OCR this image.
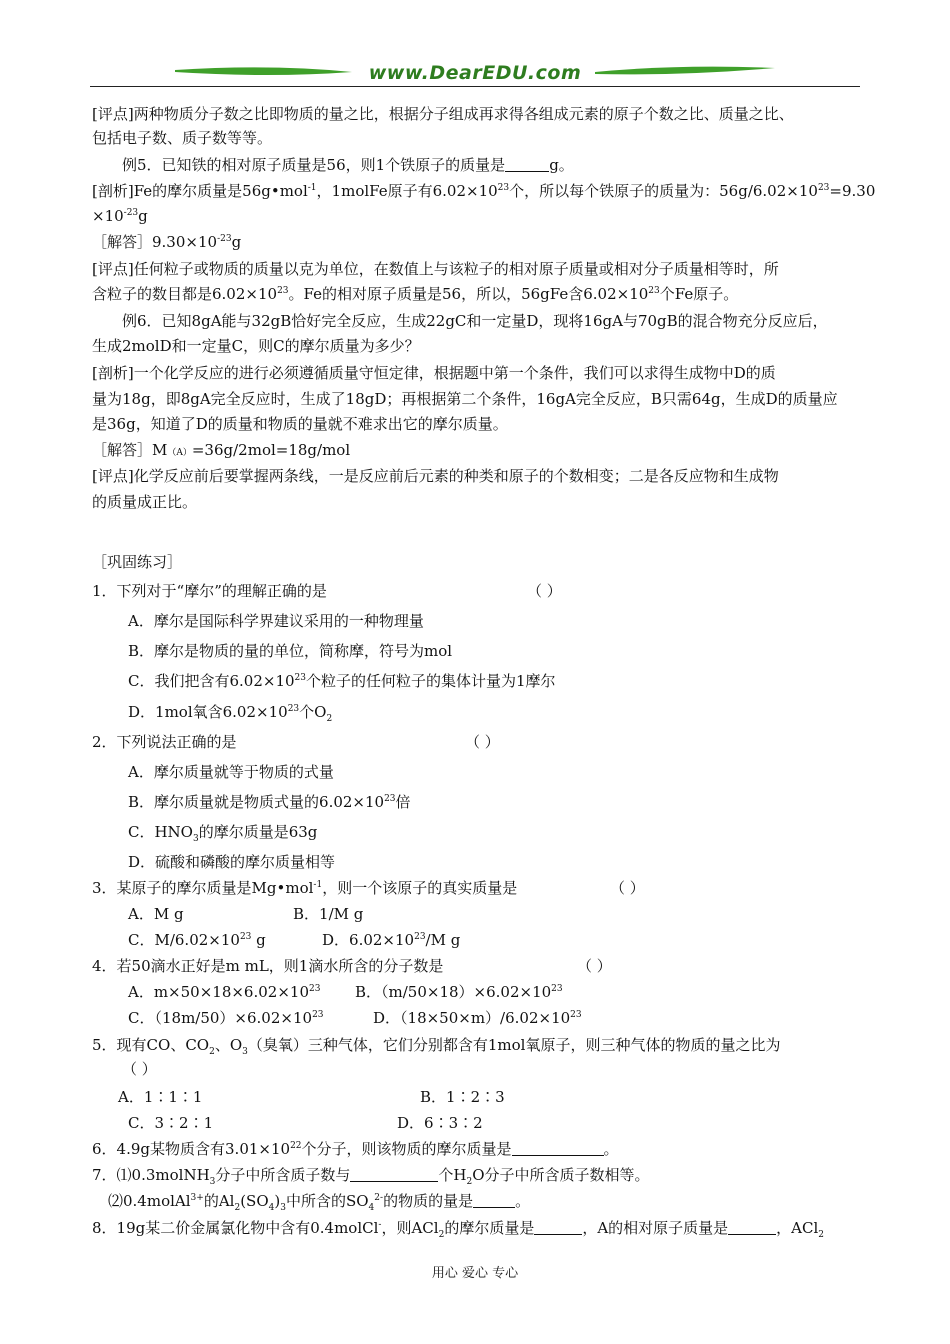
www.DearEDU.com
[评点]两种物质分子数之比即物质的量之比，根据分子组成再求得各组成元素的原子个数之比、质量之比、
包括电子数、质子数等等。
例5．已知铁的相对原子质量是56，则1个铁原子的质量是	g。
[剖析]Fe的摩尔质量是56g•mol$^{-1}$，1molFe原子有$6.02\times 10^{23}$个，所以每个铁原子的质量为：$56g/6.02\times 10^{23}=9.30$
$\times 10^{-23}g$
［解答$]9.30\times 10^{-23}g$
[评点]任何粒子或物质的质量以克为单位，在数值上与该粒子的相对原子质量或相对分子质量相等时，所
含粒子的数目都是$6.02\times 10^{23}$。Fe的相对原子质量是56，所以，56gFe含$6.02\times 10^{23}$个Fe原子。
例6．已知8gA能与32gB恰好完全反应，生成22gC和一定量D，现将16gA与70gB的混合物充分反应后，
生成2molD和一定量C，则C的摩尔质量为多少？
[剖析]一个化学反应的进行必须遵循质量守恒定律，根据题中第一个条件，我们可以求得生成物中D的质
量为18g，即8gA完全反应时，生成了18gD；再根据第二个条件，16gA完全反应，B只需64g，生成D的质量应
是36g，知道了D的质量和物质的量就不难求出它的摩尔质量。
［解答］M（A）=36g/2mol=18g/mol
[评点]化学反应前后要掌握两条线，一是反应前后元素的种类和原子的个数相变；二是各反应物和生成物
的质量成正比。
［巩固练习］
1．下列对于“摩尔”的理解正确的是	（ ）
A．摩尔是国际科学界建议采用的一种物理量
B．摩尔是物质的量的单位，简称摩，符号为mol
C．我们把含有$6.02\times 10^{23}$个粒子的任何粒子的集体计量为1摩尔
D．1mol氧含$6.02\times 10^{23}$个$O_2$
2．下列说法正确的是	（ ）
A．摩尔质量就等于物质的式量
B．摩尔质量就是物质式量的$6.02\times 10^{23}$倍
C．$HNO_3$的摩尔质量是63g
D．硫酸和磷酸的摩尔质量相等
3．某原子的摩尔质量是Mg•mol$^{-1}$，则一个该原子的真实质量是	（ ）
A．M g	B．1/M g
C．$M/6.02\times 10^{23}$ g	D．$6.02\times 10^{23}/M$ g
4．若50滴水正好是m mL，则1滴水所含的分子数是	（ ）
A．$m\times 50\times 18\times 6.02\times 10^{23}$ B．$(m/50\times 18)\times 6.02\times 10^{23}$
C．$(18m/50)\times 6.02\times 10^{23}$	D．$(18\times 50\times m)/6.02\times 10^{23}$
5．现有CO、$CO_2$、$O_3$（臭氧）三种气体，它们分别都含有1mol氧原子，则三种气体的物质的量之比为
（ ）
A．1∶1∶1	B．1∶2∶3
C．3∶2∶1	D．6∶3∶2
6．4.9g某物质含有$3.01\times 10^{22}$个分子，则该物质的摩尔质量是	。
7．⑴0.3molNH$_3$分子中所含质子数与	个$H_2O$分子中所含质子数相等。
⑵0.4molAl$^{3+}$的$Al_2(SO_4)_3$中所含的$SO_4^{2-}$的物质的量是	。
8．19g某二价金属氯化物中含有0.4molCl-，则ACl$_2$的摩尔质量是	，A的相对原子质量是	，ACl$_2$
用心 爱心 专心
